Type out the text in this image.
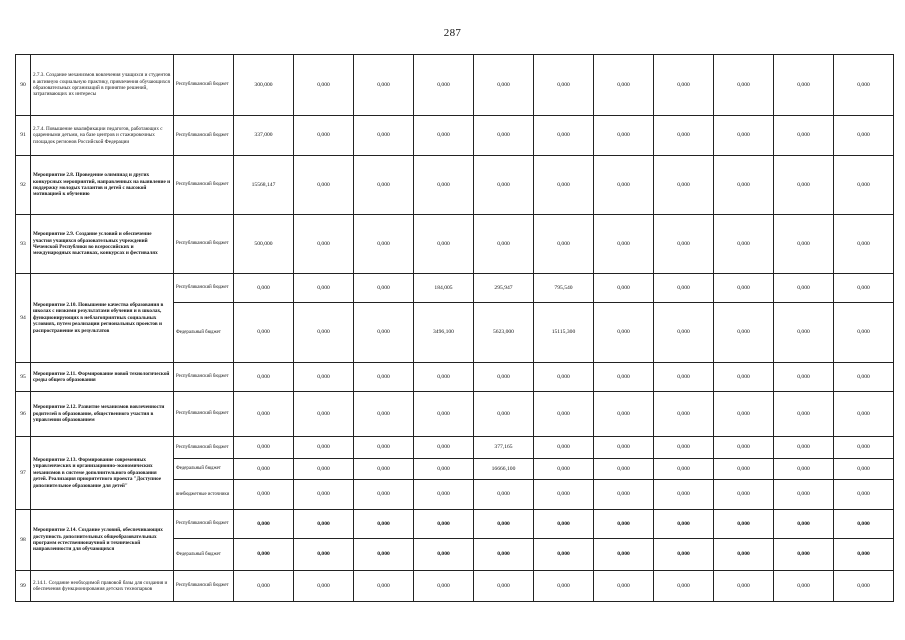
287
90	2.7.3. Создание механизмов вовлечения учащихся и студентов в активную социальную практику, привлечения обучающихся образовательных организаций в принятие решений, затрагивающих их интересы	Республиканский бюджет	300,000	0,000	0,000	0,000	0,000	0,000	0,000	0,000	0,000	0,000	0,000
91	2.7.4. Повышение квалификации педагогов, работающих с одаренными детьми, на базе центров и стажировочных площадок регионов Российской Федерации	Республиканский бюджет	337,000	0,000	0,000	0,000	0,000	0,000	0,000	0,000	0,000	0,000	0,000
92	Мероприятие 2.8. Проведение олимпиад и других конкурсных мероприятий, направленных на выявление и поддержку молодых талантов и детей с высокой мотивацией к обучению	Республиканский бюджет	15568,147	0,000	0,000	0,000	0,000	0,000	0,000	0,000	0,000	0,000	0,000
93	Мероприятие 2.9. Создание условий и обеспечение участия учащихся образовательных учреждений Чеченской Республики во всероссийских и международных выставках, конкурсах и фестивалях	Республиканский бюджет	500,000	0,000	0,000	0,000	0,000	0,000	0,000	0,000	0,000	0,000	0,000
94	Мероприятие 2.10. Повышение качества образования в школах с низкими результатами обучения и в школах, функционирующих в неблагоприятных социальных условиях, путем реализации региональных проектов и распространение их результатов	Республиканский бюджет	0,000	0,000	0,000	184,005	295,947	795,540	0,000	0,000	0,000	0,000	0,000
		Федеральный бюджет	0,000	0,000	0,000	3496,100	5623,000	15115,300	0,000	0,000	0,000	0,000	0,000
95	Мероприятие 2.11. Формирование новой технологической среды общего образования	Республиканский бюджет	0,000	0,000	0,000	0,000	0,000	0,000	0,000	0,000	0,000	0,000	0,000
96	Мероприятие 2.12. Развитие механизмов вовлеченности родителей в образование, общественного участия в управлении образованием	Республиканский бюджет	0,000	0,000	0,000	0,000	0,000	0,000	0,000	0,000	0,000	0,000	0,000
97	Мероприятие 2.13. Формирование современных управленческих и организационно-экономических механизмов в системе дополнительного образования детей. Реализация приоритетного проекта "Доступное дополнительное образование для детей"	Республиканский бюджет	0,000	0,000	0,000	0,000	377,165	0,000	0,000	0,000	0,000	0,000	0,000
		Федеральный бюджет	0,000	0,000	0,000	0,000	16666,100	0,000	0,000	0,000	0,000	0,000	0,000
		внебюджетные источники	0,000	0,000	0,000	0,000	0,000	0,000	0,000	0,000	0,000	0,000	0,000
98	Мероприятие 2.14. Создание условий, обеспечивающих доступность дополнительных общеобразовательных программ естественнонаучной и технической направленности для обучающихся	Республиканский бюджет	0,000	0,000	0,000	0,000	0,000	0,000	0,000	0,000	0,000	0,000	0,000
		Федеральный бюджет	0,000	0,000	0,000	0,000	0,000	0,000	0,000	0,000	0,000	0,000	0,000
99	2.14.1. Создание необходимой правовой базы для создания и обеспечения функционирования детских технопарков	Республиканский бюджет	0,000	0,000	0,000	0,000	0,000	0,000	0,000	0,000	0,000	0,000	0,000
